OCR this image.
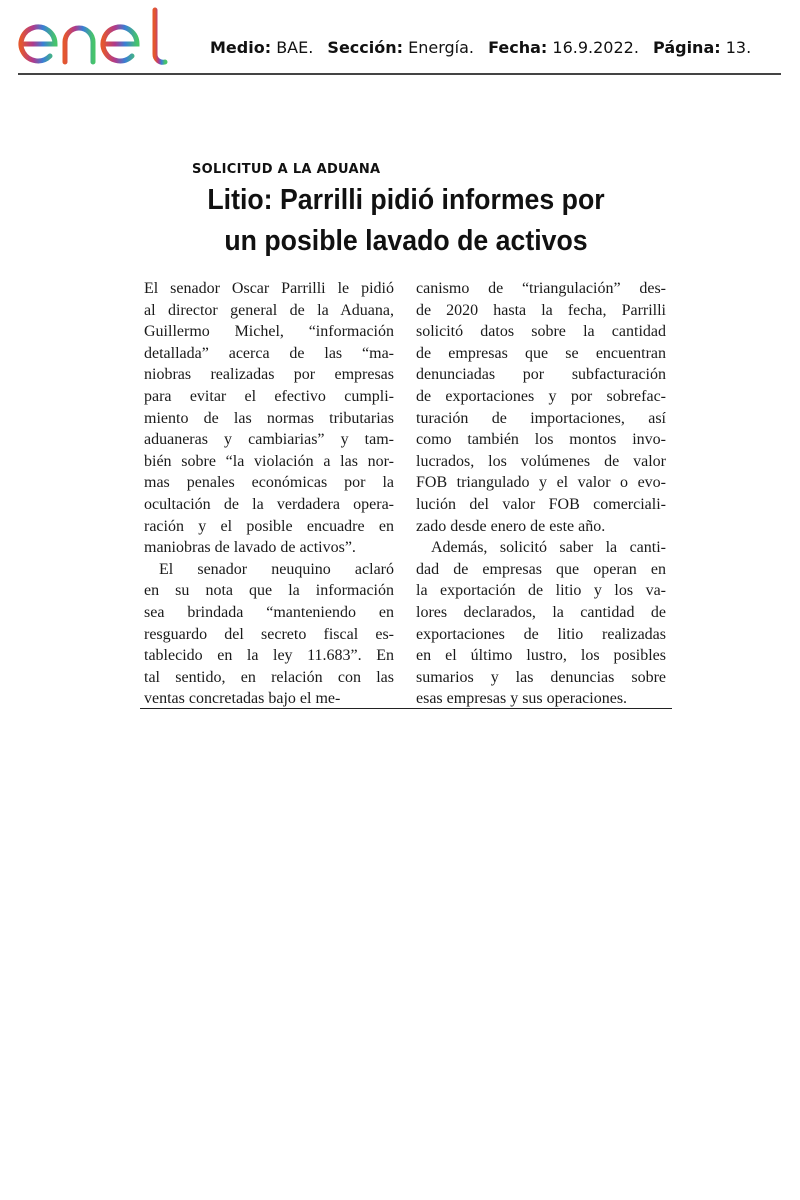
Medio: BAE. Sección: Energía. Fecha: 16.9.2022. Página: 13.
SOLICITUD A LA ADUANA
Litio: Parrilli pidió informes por
un posible lavado de activos

El senador Oscar Parrilli le pidió
al director general de la Aduana,
Guillermo Michel, “información
detallada” acerca de las “ma-
niobras realizadas por empresas
para evitar el efectivo cumpli-
miento de las normas tributarias
aduaneras y cambiarias” y tam-
bién sobre “la violación a las nor-
mas penales económicas por la
ocultación de la verdadera opera-
ración y el posible encuadre en
maniobras de lavado de activos”.

El senador neuquino aclaró
en su nota que la información
sea brindada “manteniendo en
resguardo del secreto fiscal es-
tablecido en la ley 11.683”. En
tal sentido, en relación con las
ventas concretadas bajo el me-

canismo de “triangulación” des-
de 2020 hasta la fecha, Parrilli
solicitó datos sobre la cantidad
de empresas que se encuentran
denunciadas por subfacturación
de exportaciones y por sobrefac-
turación de importaciones, así
como también los montos invo-
lucrados, los volúmenes de valor
FOB triangulado y el valor o evo-
lución del valor FOB comerciali-
zado desde enero de este año.

Además, solicitó saber la canti-
dad de empresas que operan en
la exportación de litio y los va-
lores declarados, la cantidad de
exportaciones de litio realizadas
en el último lustro, los posibles
sumarios y las denuncias sobre
esas empresas y sus operaciones.
